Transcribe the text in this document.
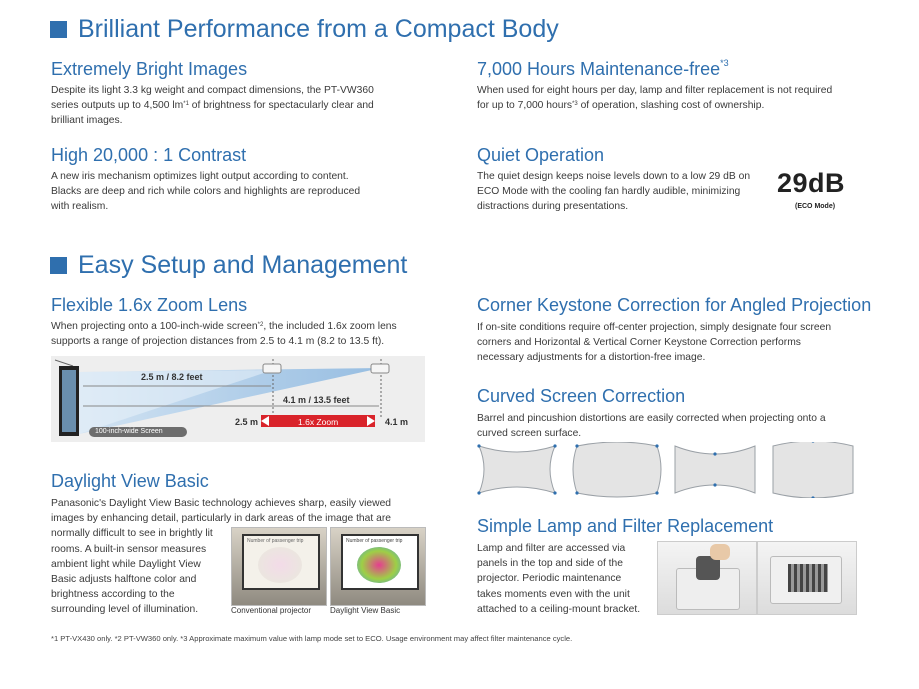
Brilliant Performance from a Compact Body
Extremely Bright Images
Despite its light 3.3 kg weight and compact dimensions, the PT-VW360
series outputs up to 4,500 $lm^{*1}$ of brightness for spectacularly clear and
brilliant images.
7,000 Hours Maintenance-free$^{*3}$
When used for eight hours per day, lamp and filter replacement is not required
for up to 7,000 hours$^{*3}$ of operation, slashing cost of ownership.
High 20,000 : 1 Contrast
A new iris mechanism optimizes light output according to content.
Blacks are deep and rich while colors and highlights are reproduced
with realism.
Quiet Operation
The quiet design keeps noise levels down to a low 29 dB on
ECO Mode with the cooling fan hardly audible, minimizing
distractions during presentations.
29dB
(ECO Mode)
Easy Setup and Management
Flexible 1.6x Zoom Lens
When projecting onto a 100-inch-wide screen$^{*2}$, the included 1.6x zoom lens
supports a range of projection distances from 2.5 to 4.1 m (8.2 to 13.5 ft).
2.5 m / 8.2 feet
4.1 m / 13.5 feet
2.5 m	1.6x Zoom	4.1 m
100-inch-wide Screen
Daylight View Basic
Panasonic's Daylight View Basic technology achieves sharp, easily viewed
images by enhancing detail, particularly in dark areas of the image that are
normally difficult to see in brightly lit
rooms. A built-in sensor measures
ambient light while Daylight View
Basic adjusts halftone color and
brightness according to the
surrounding level of illumination.
Number of passenger trip
Conventional projector
Number of passenger trip
Daylight View Basic
Corner Keystone Correction for Angled Projection
If on-site conditions require off-center projection, simply designate four screen
corners and Horizontal & Vertical Corner Keystone Correction performs
necessary adjustments for a distortion-free image.
Curved Screen Correction
Barrel and pincushion distortions are easily corrected when projecting onto a
curved screen surface.
Simple Lamp and Filter Replacement
Lamp and filter are accessed via
panels in the top and side of the
projector. Periodic maintenance
takes moments even with the unit
attached to a ceiling-mount bracket.
*1 PT-VX430 only. *2 PT-VW360 only. *3 Approximate maximum value with lamp mode set to ECO. Usage environment may affect filter maintenance cycle.
